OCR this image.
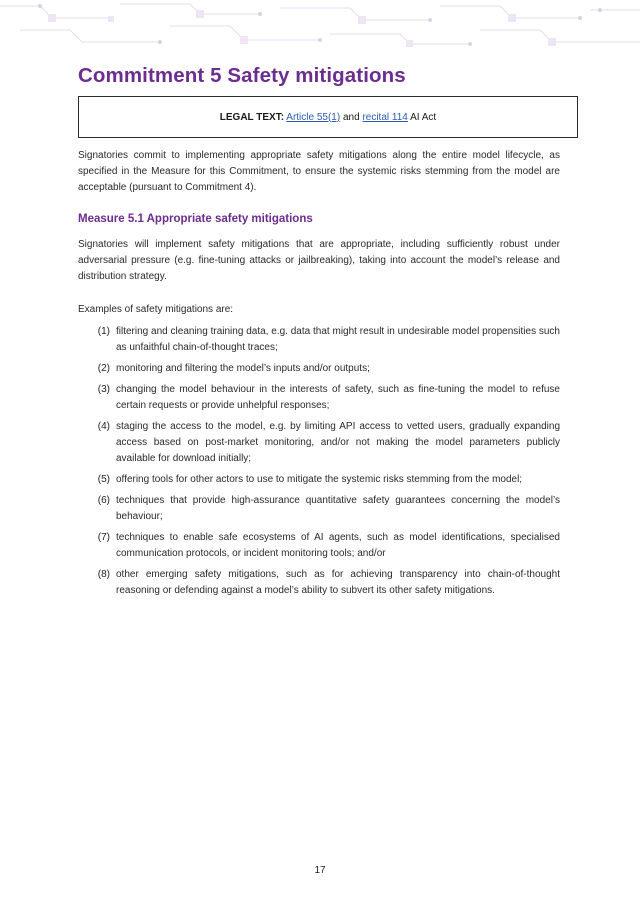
Commitment 5 Safety mitigations
LEGAL TEXT: Article 55(1) and recital 114 AI Act

Signatories commit to implementing appropriate safety mitigations along the entire model lifecycle, as specified in the Measure for this Commitment, to ensure the systemic risks stemming from the model are acceptable (pursuant to Commitment 4).

Measure 5.1 Appropriate safety mitigations

Signatories will implement safety mitigations that are appropriate, including sufficiently robust under adversarial pressure (e.g. fine-tuning attacks or jailbreaking), taking into account the model’s release and distribution strategy.

Examples of safety mitigations are:

(1) filtering and cleaning training data, e.g. data that might result in undesirable model propensities such as unfaithful chain-of-thought traces;
(2) monitoring and filtering the model’s inputs and/or outputs;
(3) changing the model behaviour in the interests of safety, such as fine-tuning the model to refuse certain requests or provide unhelpful responses;
(4) staging the access to the model, e.g. by limiting API access to vetted users, gradually expanding access based on post-market monitoring, and/or not making the model parameters publicly available for download initially;
(5) offering tools for other actors to use to mitigate the systemic risks stemming from the model;
(6) techniques that provide high-assurance quantitative safety guarantees concerning the model’s behaviour;
(7) techniques to enable safe ecosystems of AI agents, such as model identifications, specialised communication protocols, or incident monitoring tools; and/or
(8) other emerging safety mitigations, such as for achieving transparency into chain-of-thought reasoning or defending against a model’s ability to subvert its other safety mitigations.
17
